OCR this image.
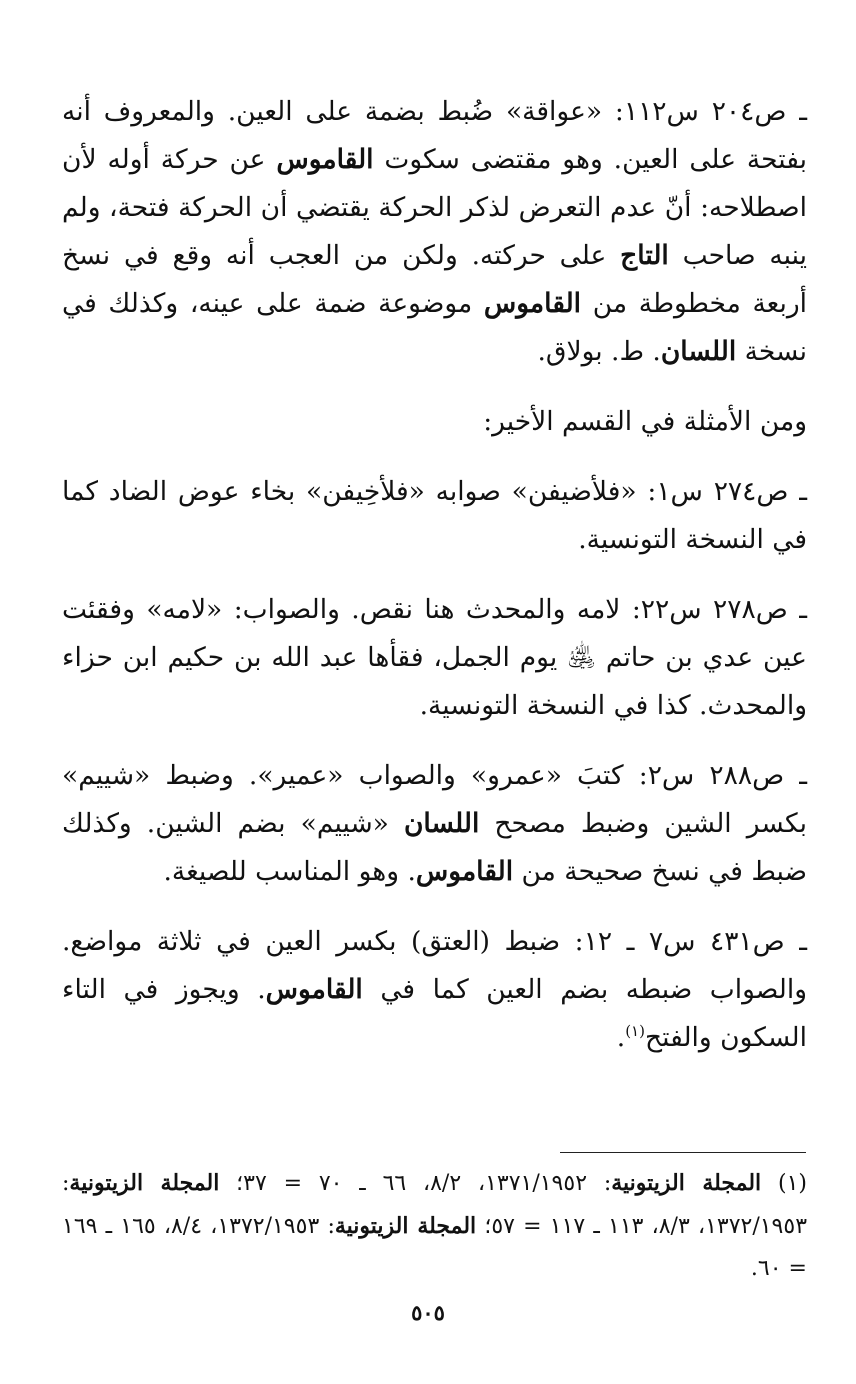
ـ ص٢٠٤ س١١٢: «عواقة» ضُبط بضمة على العين. والمعروف أنه بفتحة على العين. وهو مقتضى سكوت القاموس عن حركة أوله لأن اصطلاحه: أنّ عدم التعرض لذكر الحركة يقتضي أن الحركة فتحة، ولم ينبه صاحب التاج على حركته. ولكن من العجب أنه وقع في نسخ أربعة مخطوطة من القاموس موضوعة ضمة على عينه، وكذلك في نسخة اللسان. ط. بولاق.

ومن الأمثلة في القسم الأخير:

ـ ص٢٧٤ س١: «فلأضيفن» صوابه «فلأخِيفن» بخاء عوض الضاد كما في النسخة التونسية.

ـ ص٢٧٨ س٢٢: لامه والمحدث هنا نقص. والصواب: «لامه» وفقئت عين عدي بن حاتم ﵁ يوم الجمل، فقأها عبد الله بن حكيم ابن حزاء والمحدث. كذا في النسخة التونسية.

ـ ص٢٨٨ س٢: كتبَ «عمرو» والصواب «عمير». وضبط «شييم» بكسر الشين وضبط مصحح اللسان «شييم» بضم الشين. وكذلك ضبط في نسخ صحيحة من القاموس. وهو المناسب للصيغة.

ـ ص٤٣١ س٧ ـ ١٢: ضبط (العتق) بكسر العين في ثلاثة مواضع. والصواب ضبطه بضم العين كما في القاموس. ويجوز في التاء السكون والفتح$^{(١)}$.

(١) المجلة الزيتونية: ١٣٧١/١٩٥٢، ٨/٢، ٦٦ ـ ٧٠ = ٣٧؛ المجلة الزيتونية: ١٣٧٢/١٩٥٣، ٨/٣، ١١٣ ـ ١١٧ = ٥٧؛ المجلة الزيتونية: ١٣٧٢/١٩٥٣، ٨/٤، ١٦٥ ـ ١٦٩ = ٦٠.
٥٠٥
